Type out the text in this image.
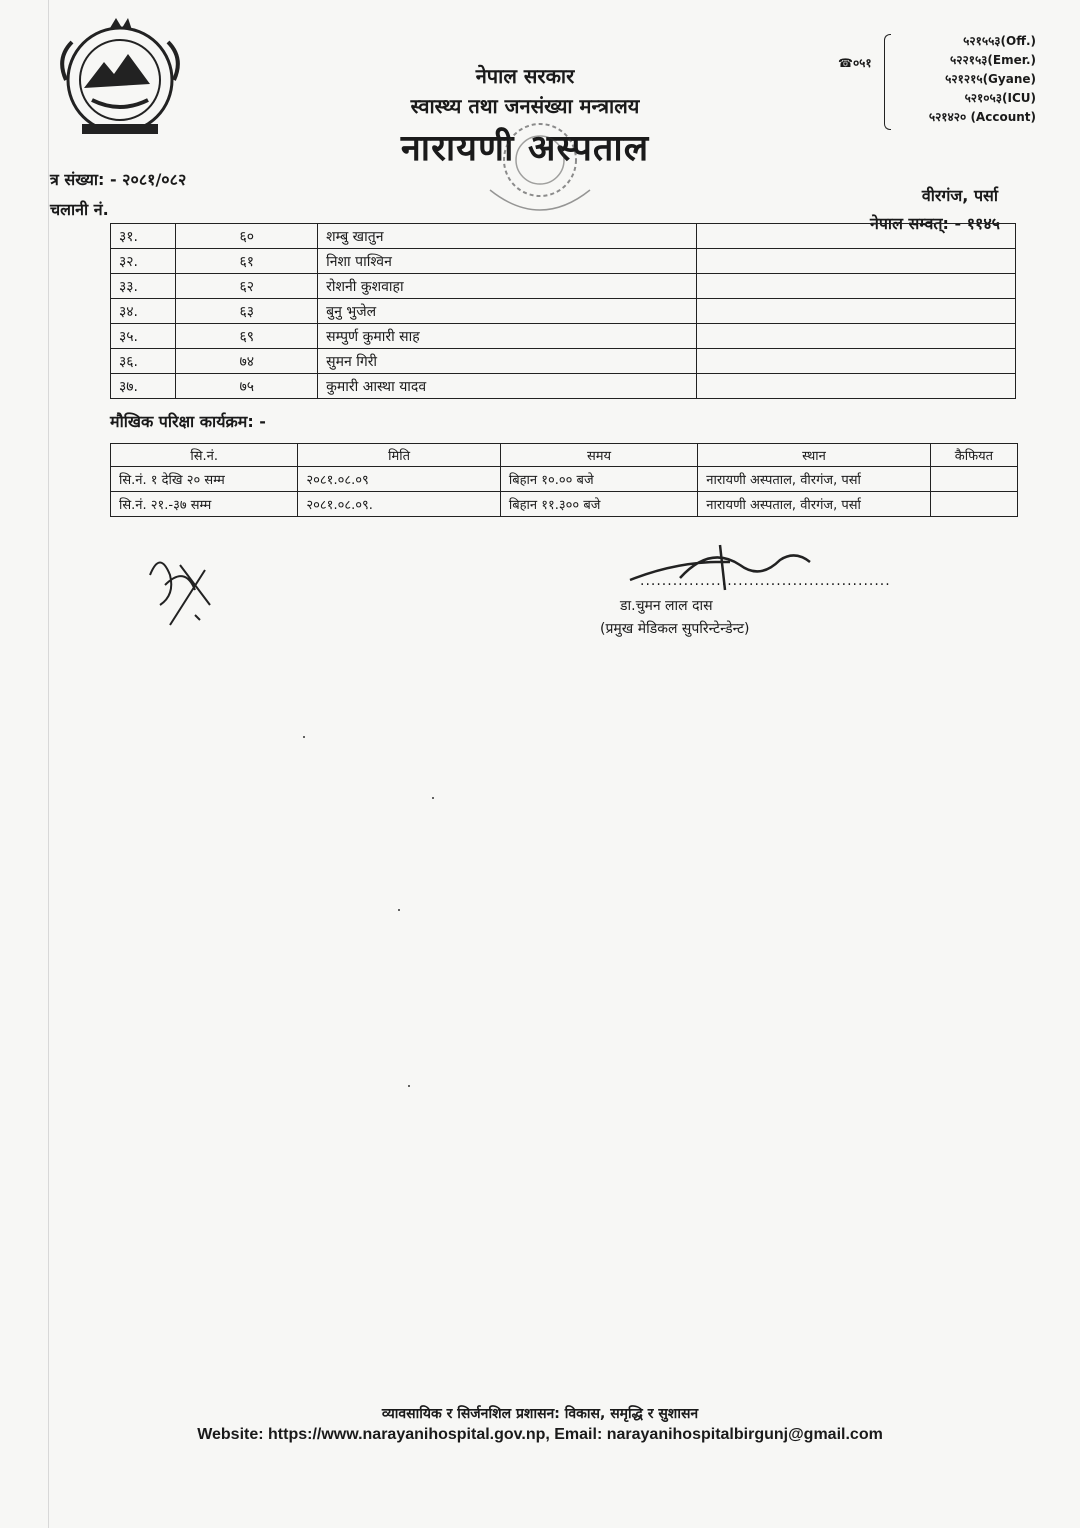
नेपाल सरकार
स्वास्थ्य तथा जनसंख्या मन्त्रालय
नारायणी अस्पताल
☎०५१
५२१५५३(Off.)
५२२१५३(Emer.)
५२१२१५(Gyane)
५२१०५३(ICU)
५२१४२० (Account)
त्र संख्या: - २०८१/०८२
चलानी नं.
वीरगंज, पर्सा
नेपाल सम्वत्: - ११४५
३१.	६०	शम्बु खातुन	
३२.	६१	निशा पाश्विन	
३३.	६२	रोशनी कुशवाहा	
३४.	६३	बुनु भुजेल	
३५.	६९	सम्पुर्ण कुमारी साह	
३६.	७४	सुमन गिरी	
३७.	७५	कुमारी आस्था यादव	
मौखिक परिक्षा कार्यक्रम: -
सि.नं.	मिति	समय	स्थान	कैफियत
सि.नं. १ देखि २० सम्म	२०८१.०८.०९	बिहान १०.०० बजे	नारायणी अस्पताल, वीरगंज, पर्सा	
सि.नं. २१.-३७ सम्म	२०८१.०८.०९.	बिहान ११.३०० बजे	नारायणी अस्पताल, वीरगंज, पर्सा	
..............................................
डा.चुमन लाल दास
(प्रमुख मेडिकल सुपरिन्टेन्डेन्ट)
व्यावसायिक र सिर्जनशिल प्रशासन: विकास, समृद्धि र सुशासन
Website: https://www.narayanihospital.gov.np, Email: narayanihospitalbirgunj@gmail.com
